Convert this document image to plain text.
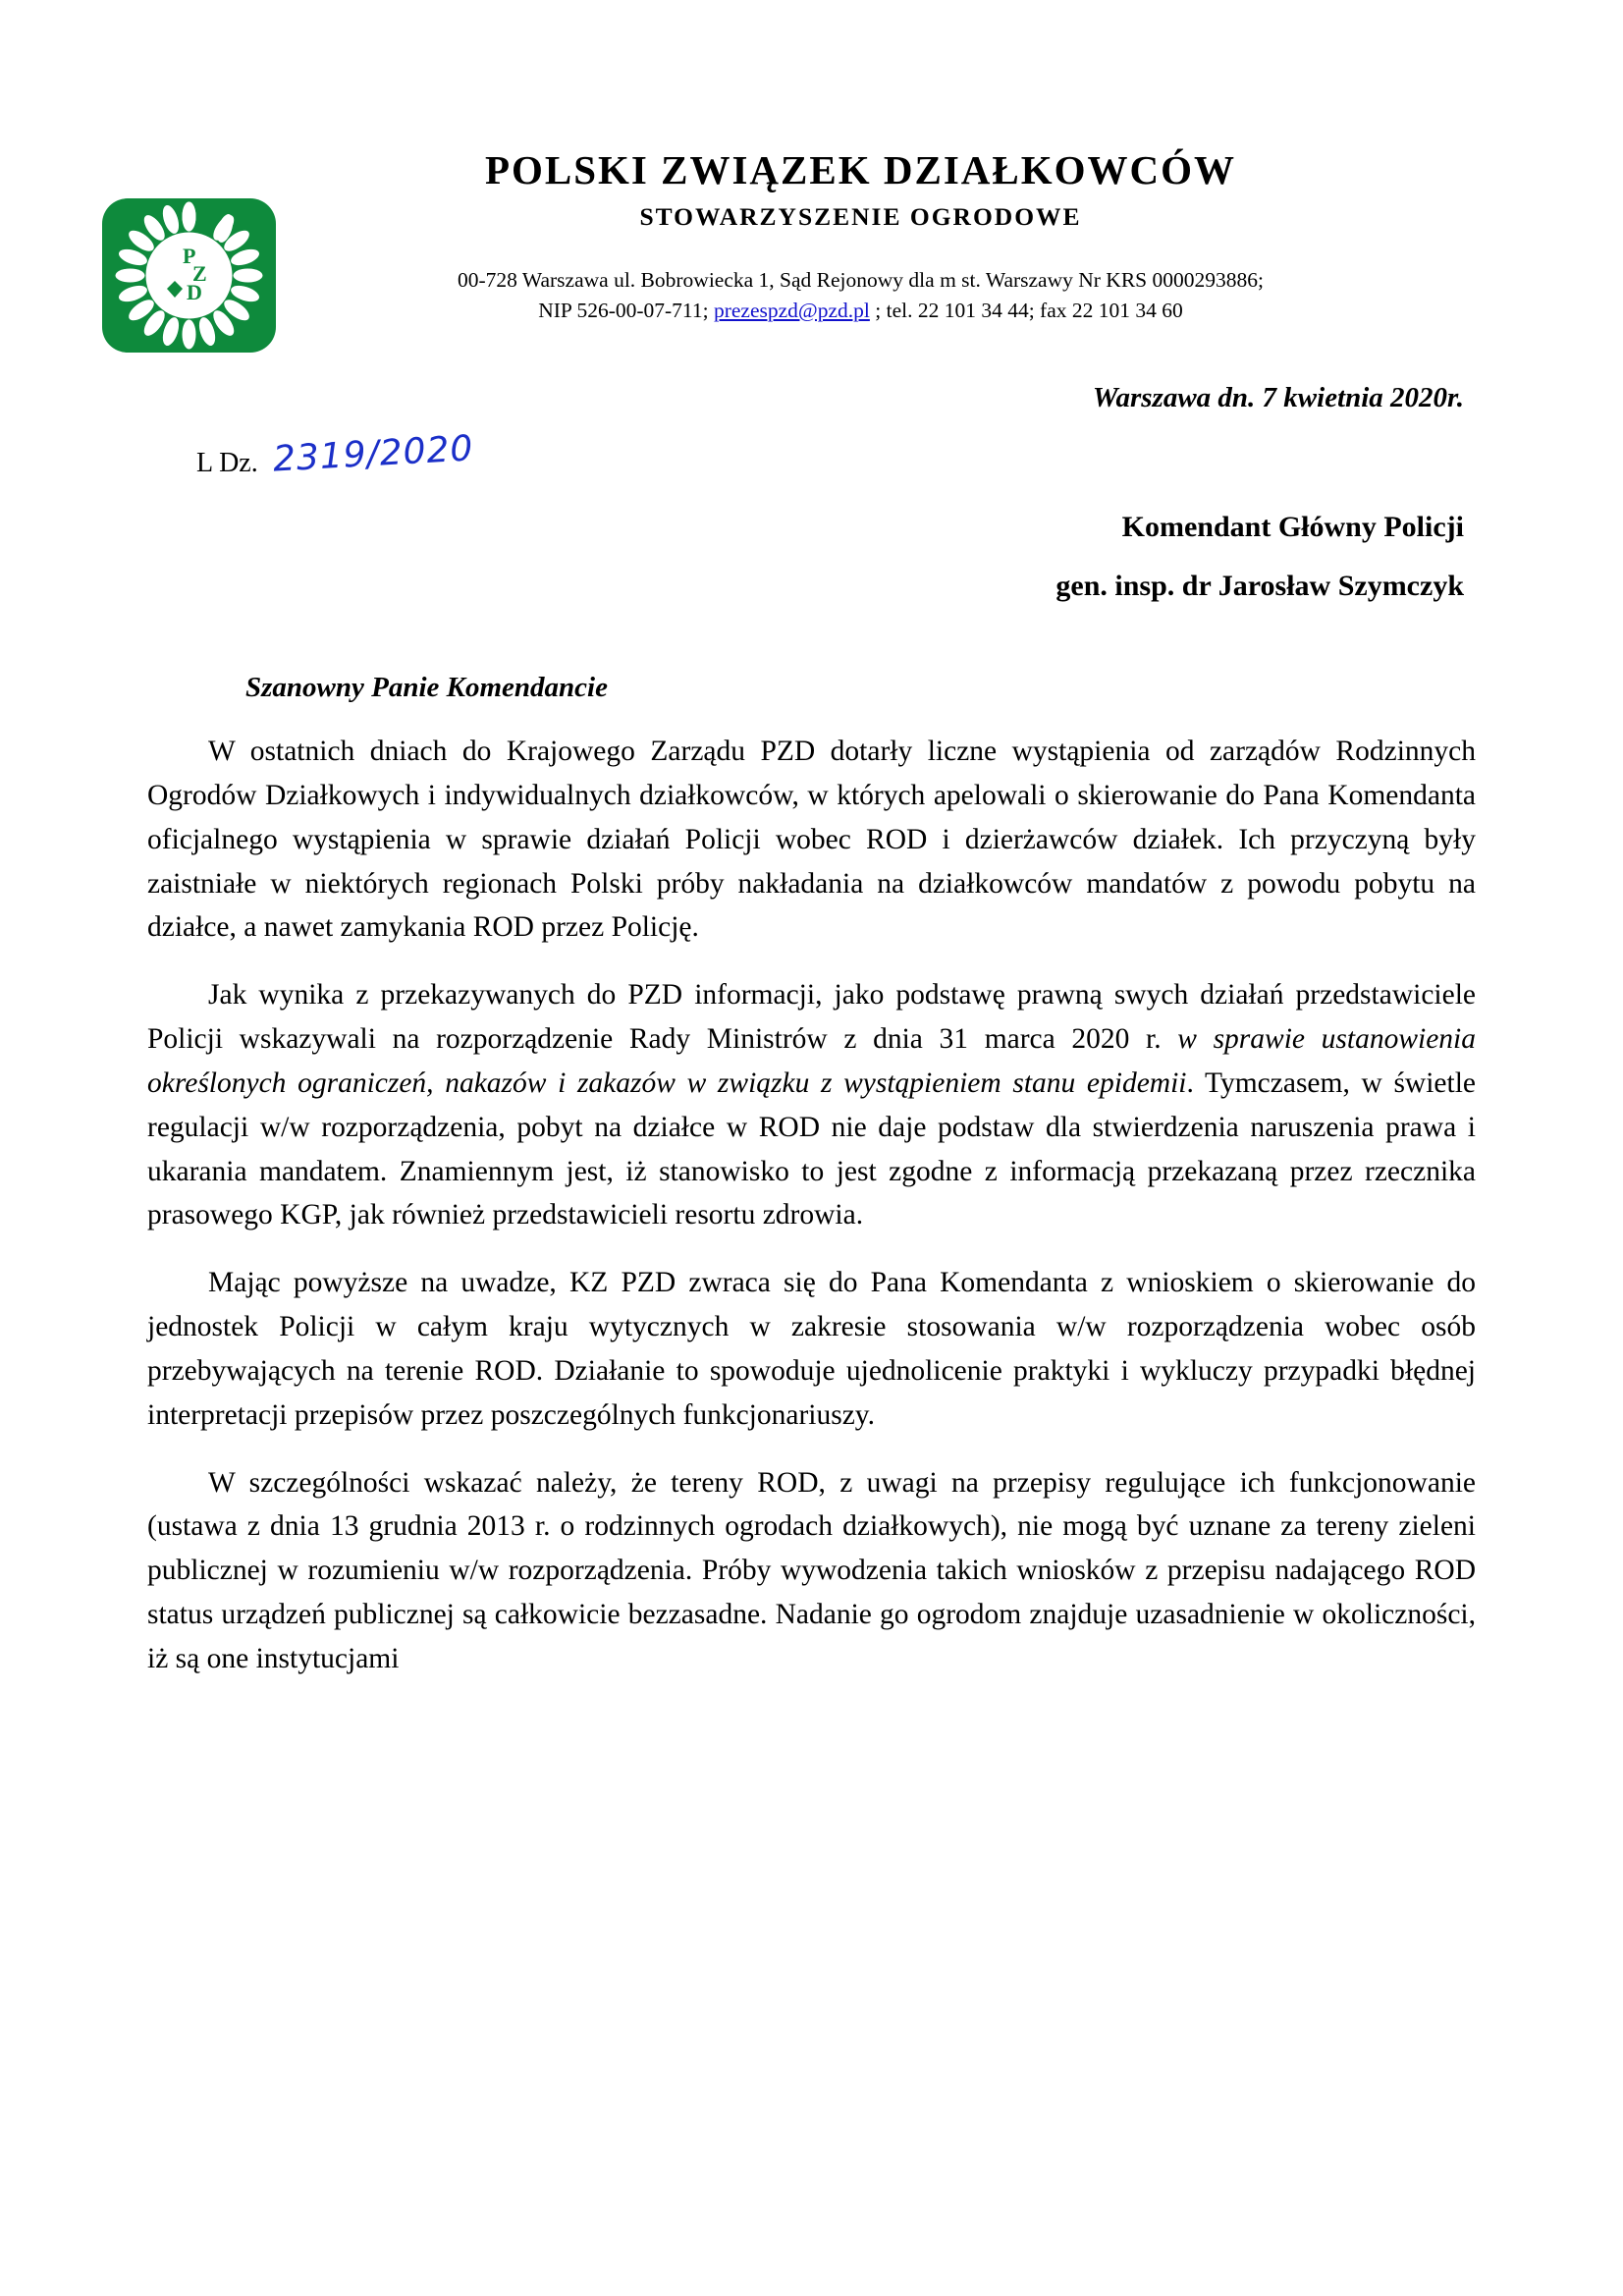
P
Z
D
POLSKI ZWIĄZEK DZIAŁKOWCÓW
STOWARZYSZENIE OGRODOWE
00-728 Warszawa ul. Bobrowiecka 1, Sąd Rejonowy dla m st. Warszawy Nr KRS 0000293886;
NIP 526-00-07-711; prezespzd@pzd.pl ; tel. 22 101 34 44; fax 22 101 34 60
Warszawa dn. 7 kwietnia 2020r.
L Dz. 2319/2020
Komendant Główny Policji
gen. insp. dr Jarosław Szymczyk
Szanowny Panie Komendancie

W ostatnich dniach do Krajowego Zarządu PZD dotarły liczne wystąpienia od zarządów Rodzinnych Ogrodów Działkowych i indywidualnych działkowców, w których apelowali o skierowanie do Pana Komendanta oficjalnego wystąpienia w sprawie działań Policji wobec ROD i dzierżawców działek. Ich przyczyną były zaistniałe w niektórych regionach Polski próby nakładania na działkowców mandatów z powodu pobytu na działce, a nawet zamykania ROD przez Policję.

Jak wynika z przekazywanych do PZD informacji, jako podstawę prawną swych działań przedstawiciele Policji wskazywali na rozporządzenie Rady Ministrów z dnia 31 marca 2020 r. w sprawie ustanowienia określonych ograniczeń, nakazów i zakazów w związku z wystąpieniem stanu epidemii. Tymczasem, w świetle regulacji w/w rozporządzenia, pobyt na działce w ROD nie daje podstaw dla stwierdzenia naruszenia prawa i ukarania mandatem. Znamiennym jest, iż stanowisko to jest zgodne z informacją przekazaną przez rzecznika prasowego KGP, jak również przedstawicieli resortu zdrowia.

Mając powyższe na uwadze, KZ PZD zwraca się do Pana Komendanta z wnioskiem o skierowanie do jednostek Policji w całym kraju wytycznych w zakresie stosowania w/w rozporządzenia wobec osób przebywających na terenie ROD. Działanie to spowoduje ujednolicenie praktyki i wykluczy przypadki błędnej interpretacji przepisów przez poszczególnych funkcjonariuszy.

W szczególności wskazać należy, że tereny ROD, z uwagi na przepisy regulujące ich funkcjonowanie (ustawa z dnia 13 grudnia 2013 r. o rodzinnych ogrodach działkowych), nie mogą być uznane za tereny zieleni publicznej w rozumieniu w/w rozporządzenia. Próby wywodzenia takich wniosków z przepisu nadającego ROD status urządzeń publicznej są całkowicie bezzasadne. Nadanie go ogrodom znajduje uzasadnienie w okoliczności, iż są one instytucjami
